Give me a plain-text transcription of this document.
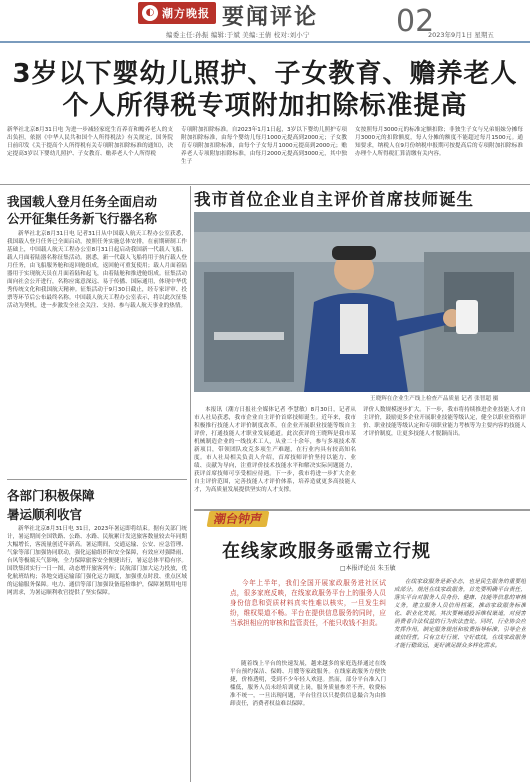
◐ 潮方晚报 要闻评论	02
编委主任:孙振 编辑:于斌 美编:王倩 校对:刘小宁	2023年9月1日 星期五
3岁以下婴幼儿照护、子女教育、赡养老人
个人所得税专项附加扣除标准提高
新华社北京8月31日电 为进一步减轻家庭生育养育和赡养老人的支出负担，依据《中华人民共和国个人所得税法》有关规定，国务院日前印发《关于提高个人所得税有关专项附加扣除标准的通知》，决定提高3岁以下婴幼儿照护、子女教育、赡养老人个人所得税
专项附加扣除标准。自2023年1月1日起，3岁以下婴幼儿照护专项附加扣除标准，由每个婴幼儿每月1000元提高到2000元；子女教育专项附加扣除标准，由每个子女每月1000元提高到2000元；赡养老人专项附加扣除标准，由每月2000元提高到3000元，其中独生子
女按照每月3000元的标准定额扣除；非独生子女与兄弟姐妹分摊每月3000元的扣除额度，每人分摊的额度不能超过每月1500元。通知要求，纳税人在9月份纳税申报期可按提高后的专项附加扣除标准办理个人所得税汇算清缴有关内容。
我国载人登月任务全面启动
公开征集任务新飞行器名称
新华社北京8月31日电 记者31日从中国载人航天工程办公室获悉，我国载人登月任务已全面启动，按照任务实施总体安排，在前期研制工作基础上，中国载人航天工程办公室8月31日起启动我国新一代载人飞船、载人月面着陆器名称征集活动。据悉，新一代载人飞船将用于执行载人登月任务，由飞船服务舱和返回舱组成，返回舱可重复使用；载人月面着陆器用于实现航天员在月面着陆和起飞，由着陆舱和推进舱组成。征集活动面向社会公开进行，名称应寓意深远、易于传播、国际通用，体现中华优秀传统文化和我国航天精神。征集活动于9月30日截止，经专家评审、投票等环节后公布最终名称。中国载人航天工程办公室表示，将以此次征集活动为契机，进一步激发全社会关注、支持、参与载人航天事业的热情。
各部门积极保障
暑运顺利收官
新华社北京8月31日电 31日，2023年暑运即将结束。据有关部门统计，暑运期间全国铁路、公路、水路、民航累计发送旅客数量较去年同期大幅增长，客流量创近年新高。暑运期间，交通运输、公安、应急管理、气象等部门加强协同联动，强化运输组织和安全保障，有效应对强降雨、台风等极端天气影响，全力保障旅客安全便捷出行，暑运总体平稳有序。国铁集团实行一日一图，动态增开旅客列车；民航部门加大运力投放，优化航班结构；各地交通运输部门强化运力调度，加强重点时段、重点区域的运输服务保障。电力、通信等部门加强设备巡检维护，保障暑期用电用网需求，为暑运顺利收官提供了坚实保障。
我市首位企业自主评价首席技师诞生
王晓辉在企业生产线上检查产品质量 记者 张智超 摄
本报讯（潮方日报社全媒体记者 李慧敏）8月30日，记者从市人社局获悉，我市企业自主评价首席技师诞生。近年来，我市积极推行技能人才评价制度改革，在企业开展职业技能等级自主评价，打通技能人才职业发展通道。此次获评的王晓辉是我市某机械制造企业的一线技术工人，从业二十余年，参与多项技术革新项目，带领团队攻克多项生产难题，在行业内具有较高知名度。市人社局相关负责人介绍，首席技师评价坚持以能力、业绩、贡献为导向，注重评价技术技能水平和解决实际问题能力，获评首席技师可享受相应待遇。下一步，我市将进一步扩大企业自主评价范围，完善技能人才评价体系，培养造就更多高技能人才，为高质量发展提供坚实的人才支撑。
评价人数规模逐步扩大。下一步，我市将持续推进企业技能人才自主评价，鼓励更多企业开展职业技能等级认定，健全以职业资格评价、职业技能等级认定和专项职业能力考核等为主要内容的技能人才评价制度，让更多技能人才脱颖而出。
潮台钟声
在线家政服务亟需立行规
□本报评论员 朱玉敏
今年上半年，我们全国开展家政服务进社区试点，很多家庭反映，在线家政服务平台上的服务人员身份信息和资质材料真实性难以核实，一旦发生纠纷，维权渠道不畅。平台在提供信息服务的同时，应当承担相应的审核和监管责任，不能只收钱不担责。
随着线上平台的快速发展，越来越多的家庭选择通过在线平台预约保洁、保姆、月嫂等家政服务。在线家政服务方便快捷，价格透明，受到不少年轻人欢迎。然而，部分平台准入门槛低，服务人员未经培训就上岗，服务质量参差不齐，收费标准不统一，一旦出现问题，平台往往以只提供信息撮合为由推卸责任，消费者权益难以保障。
在线家政服务是新业态，也是民生服务的重要组成部分。规范在线家政服务，首先要明确平台责任，落实平台对服务人员身份、健康、技能等信息的审核义务，建立服务人员信用档案，推动家政服务标准化、职业化发展。其次要畅通投诉维权渠道，对侵害消费者合法权益的行为依法查处。同时，行业协会应发挥作用，制定服务规范和收费指导标准，引导企业诚信经营。只有立好行规、守好底线，在线家政服务才能行稳致远，更好满足群众多样化需求。
